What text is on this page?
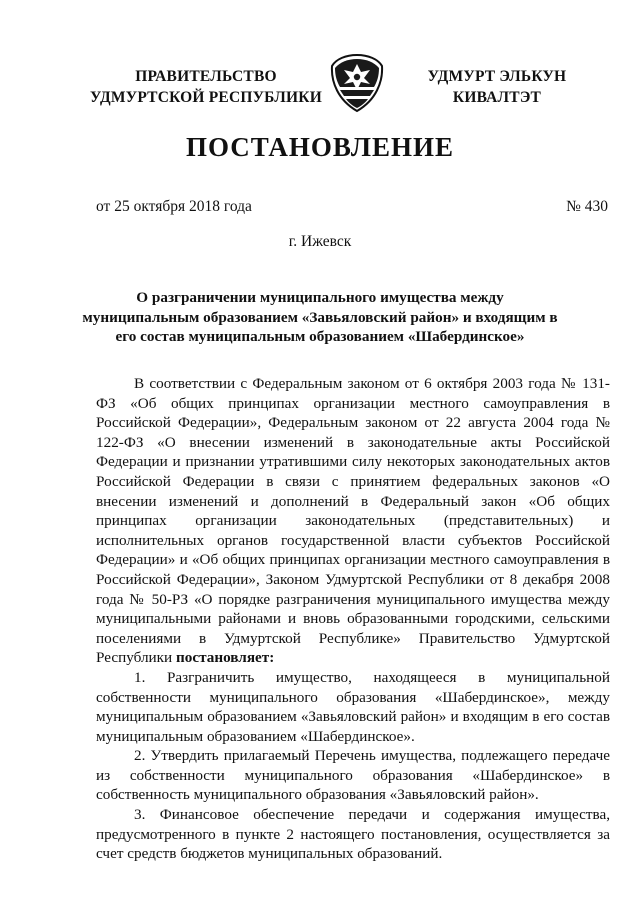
ПРАВИТЕЛЬСТВО
УДМУРТСКОЙ РЕСПУБЛИКИ
УДМУРТ ЭЛЬКУН
КИВАЛТЭТ
ПОСТАНОВЛЕНИЕ
от 25 октября 2018 года	№ 430
г. Ижевск
О разграничении муниципального имущества между муниципальным образованием «Завьяловский район» и входящим в его состав муниципальным образованием «Шабердинское»

В соответствии с Федеральным законом от 6 октября 2003 года № 131-ФЗ «Об общих принципах организации местного самоуправления в Российской Федерации», Федеральным законом от 22 августа 2004 года № 122-ФЗ «О внесении изменений в законодательные акты Российской Федерации и признании утратившими силу некоторых законодательных актов Российской Федерации в связи с принятием федеральных законов «О внесении изменений и дополнений в Федеральный закон «Об общих принципах организации законодательных (представительных) и исполнительных органов государственной власти субъектов Российской Федерации» и «Об общих принципах организации местного самоуправления в Российской Федерации», Законом Удмуртской Республики от 8 декабря 2008 года № 50-РЗ «О порядке разграничения муниципального имущества между муниципальными районами и вновь образованными городскими, сельскими поселениями в Удмуртской Республике» Правительство Удмуртской Республики постановляет:

1. Разграничить имущество, находящееся в муниципальной собственности муниципального образования «Шабердинское», между муниципальным образованием «Завьяловский район» и входящим в его состав муниципальным образованием «Шабердинское».

2. Утвердить прилагаемый Перечень имущества, подлежащего передаче из собственности муниципального образования «Шабердинское» в собственность муниципального образования «Завьяловский район».

3. Финансовое обеспечение передачи и содержания имущества, предусмотренного в пункте 2 настоящего постановления, осуществляется за счет средств бюджетов муниципальных образований.
